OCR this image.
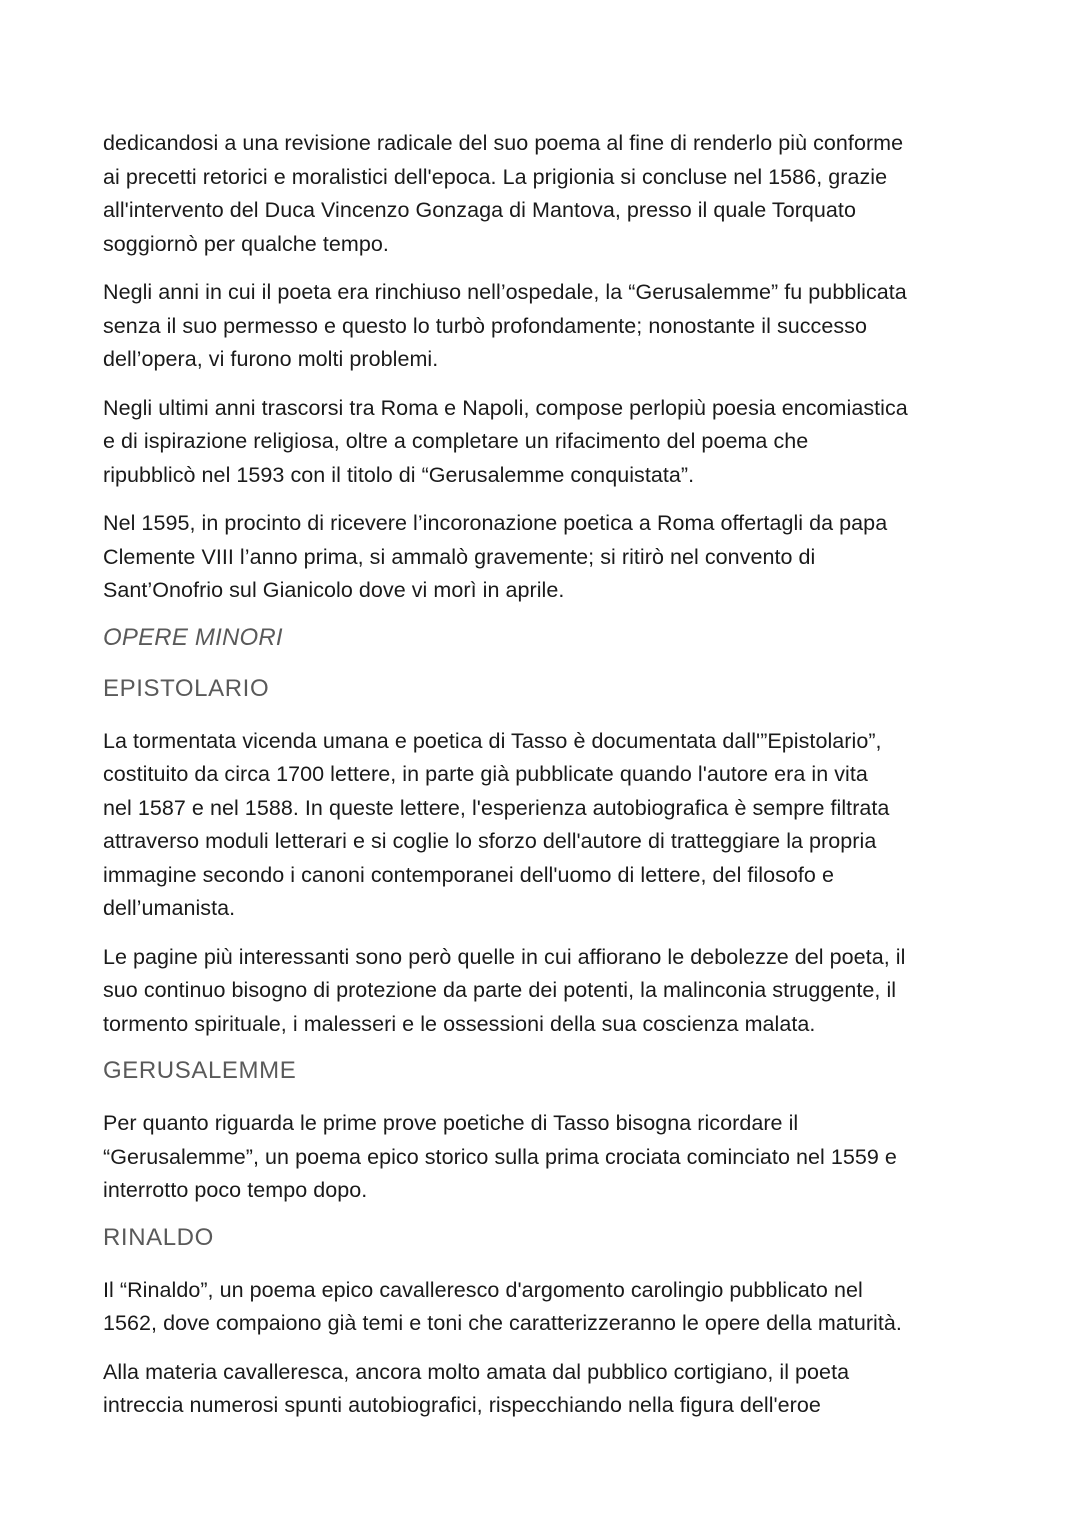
dedicandosi a una revisione radicale del suo poema al fine di renderlo più conforme
ai precetti retorici e moralistici dell'epoca. La prigionia si concluse nel 1586, grazie
all'intervento del Duca Vincenzo Gonzaga di Mantova, presso il quale Torquato
soggiornò per qualche tempo.

Negli anni in cui il poeta era rinchiuso nell’ospedale, la “Gerusalemme” fu pubblicata
senza il suo permesso e questo lo turbò profondamente; nonostante il successo
dell’opera, vi furono molti problemi.

Negli ultimi anni trascorsi tra Roma e Napoli, compose perlopiù poesia encomiastica
e di ispirazione religiosa, oltre a completare un rifacimento del poema che
ripubblicò nel 1593 con il titolo di “Gerusalemme conquistata”.

Nel 1595, in procinto di ricevere l’incoronazione poetica a Roma offertagli da papa
Clemente VIII l’anno prima, si ammalò gravemente; si ritirò nel convento di
Sant’Onofrio sul Gianicolo dove vi morì in aprile.

OPERE MINORI
EPISTOLARIO

La tormentata vicenda umana e poetica di Tasso è documentata dall'”Epistolario”,
costituito da circa 1700 lettere, in parte già pubblicate quando l'autore era in vita
nel 1587 e nel 1588. In queste lettere, l'esperienza autobiografica è sempre filtrata
attraverso moduli letterari e si coglie lo sforzo dell'autore di tratteggiare la propria
immagine secondo i canoni contemporanei dell'uomo di lettere, del filosofo e
dell’umanista.

Le pagine più interessanti sono però quelle in cui affiorano le debolezze del poeta, il
suo continuo bisogno di protezione da parte dei potenti, la malinconia struggente, il
tormento spirituale, i malesseri e le ossessioni della sua coscienza malata.

GERUSALEMME

Per quanto riguarda le prime prove poetiche di Tasso bisogna ricordare il
“Gerusalemme”, un poema epico storico sulla prima crociata cominciato nel 1559 e
interrotto poco tempo dopo.

RINALDO

Il “Rinaldo”, un poema epico cavalleresco d'argomento carolingio pubblicato nel
1562, dove compaiono già temi e toni che caratterizzeranno le opere della maturità.

Alla materia cavalleresca, ancora molto amata dal pubblico cortigiano, il poeta
intreccia numerosi spunti autobiografici, rispecchiando nella figura dell'eroe
